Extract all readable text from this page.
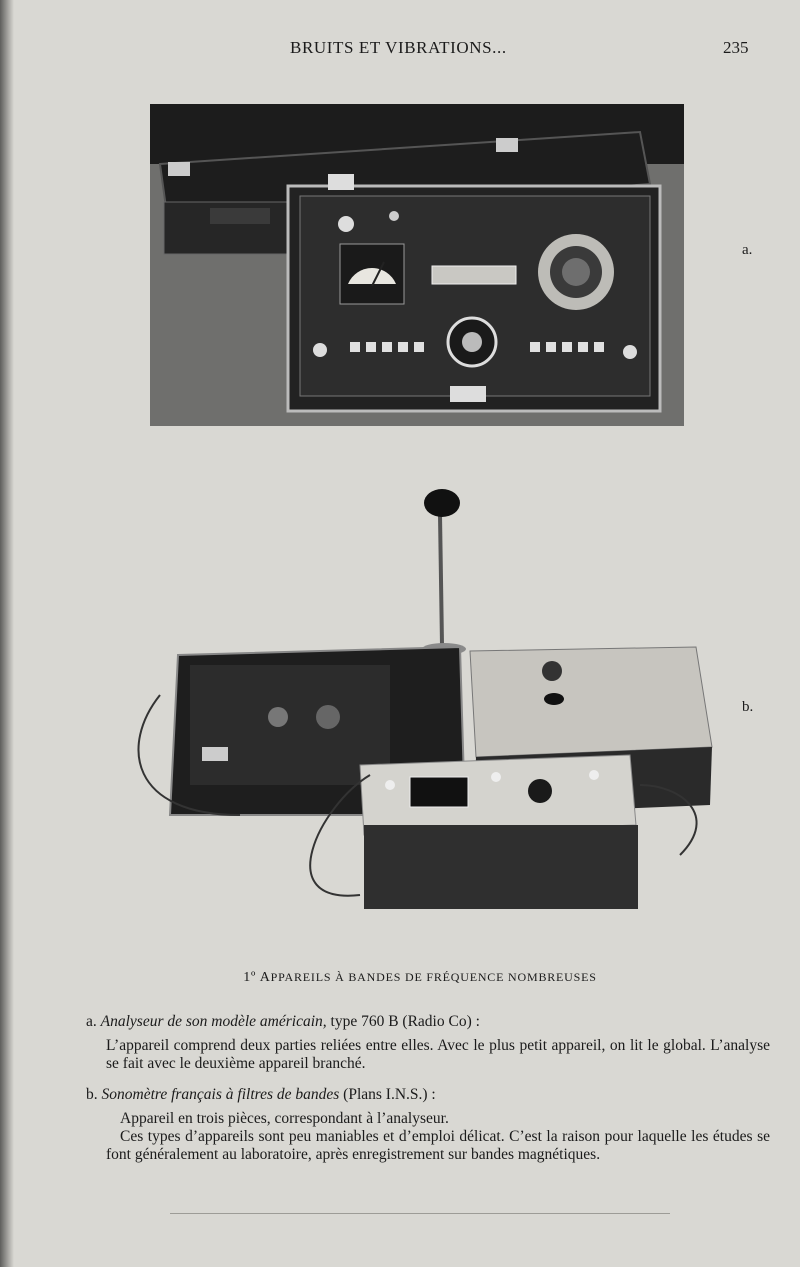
BRUITS ET VIBRATIONS...	235
a.
b.
1º APPAREILS À BANDES DE FRÉQUENCE NOMBREUSES
a. Analyseur de son modèle américain, type 760 B (Radio Co) :
L’appareil comprend deux parties reliées entre elles. Avec le plus petit appareil, on lit le global. L’analyse se fait avec le deuxième appareil branché.
b. Sonomètre français à filtres de bandes (Plans I.N.S.) :
Appareil en trois pièces, correspondant à l’analyseur.
Ces types d’appareils sont peu maniables et d’emploi délicat. C’est la raison pour laquelle les études se font généralement au laboratoire, après enregistrement sur bandes magnétiques.
